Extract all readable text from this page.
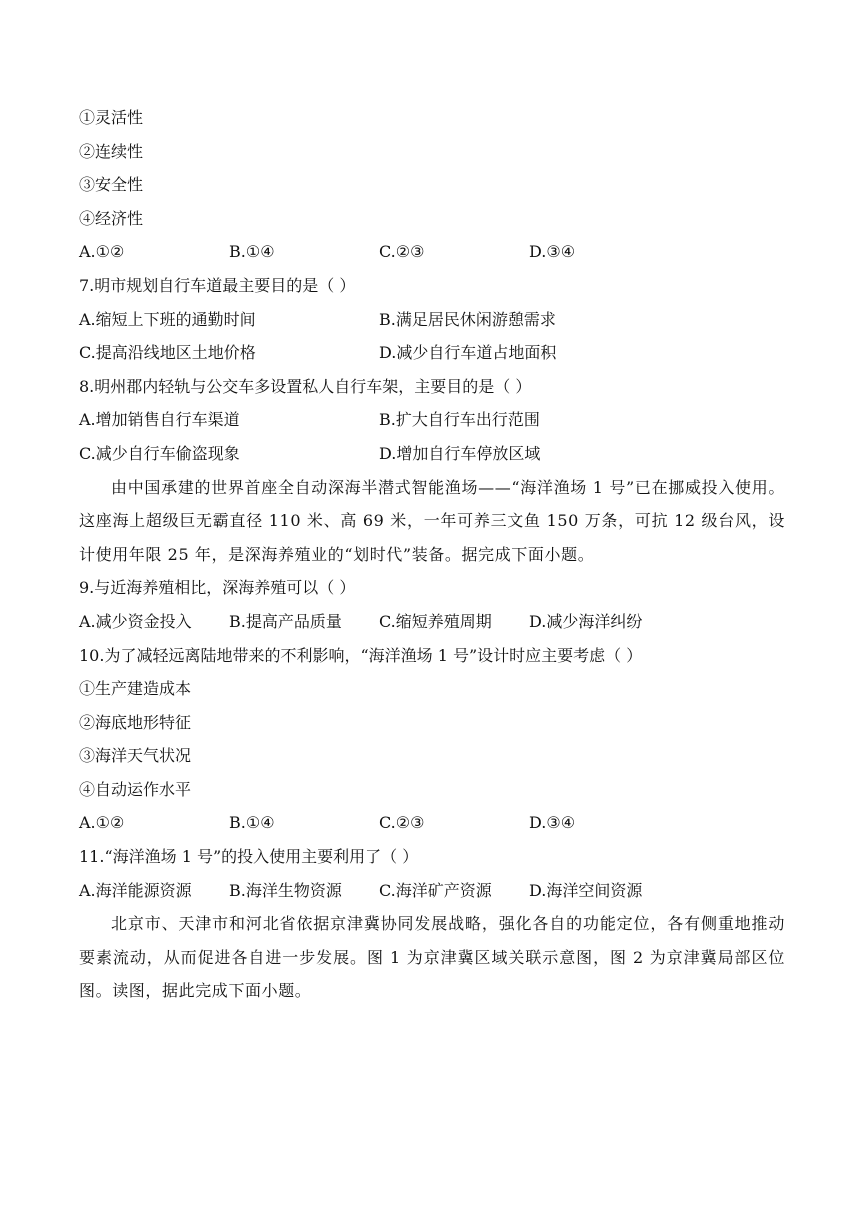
①灵活性
②连续性
③安全性
④经济性
A.①②	B.①④	C.②③	D.③④
7.明市规划自行车道最主要目的是（ ）
A.缩短上下班的通勤时间	B.满足居民休闲游憩需求
C.提高沿线地区土地价格	D.减少自行车道占地面积
8.明州郡内轻轨与公交车多设置私人自行车架，主要目的是（ ）
A.增加销售自行车渠道	B.扩大自行车出行范围
C.减少自行车偷盗现象	D.增加自行车停放区域
由中国承建的世界首座全自动深海半潜式智能渔场——“海洋渔场 1 号”已在挪威投入使用。这座海上超级巨无霸直径 110 米、高 69 米，一年可养三文鱼 150 万条，可抗 12 级台风，设计使用年限 25 年，是深海养殖业的“划时代”装备。据完成下面小题。
9.与近海养殖相比，深海养殖可以（ ）
A.减少资金投入	B.提高产品质量	C.缩短养殖周期	D.减少海洋纠纷
10.为了减轻远离陆地带来的不利影响，“海洋渔场 1 号”设计时应主要考虑（ ）
①生产建造成本
②海底地形特征
③海洋天气状况
④自动运作水平
A.①②	B.①④	C.②③	D.③④
11.“海洋渔场 1 号”的投入使用主要利用了（ ）
A.海洋能源资源	B.海洋生物资源	C.海洋矿产资源	D.海洋空间资源
北京市、天津市和河北省依据京津冀协同发展战略，强化各自的功能定位，各有侧重地推动要素流动，从而促进各自进一步发展。图 1 为京津冀区域关联示意图，图 2 为京津冀局部区位图。读图，据此完成下面小题。
